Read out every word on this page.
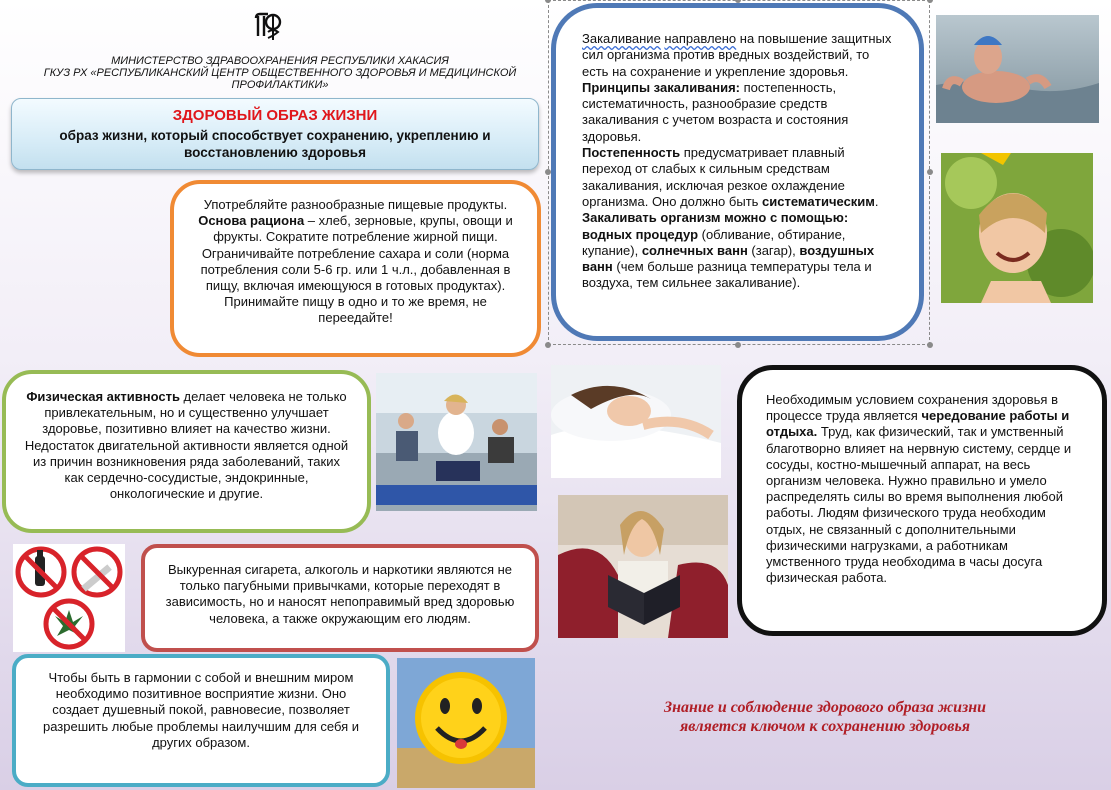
МИНИСТЕРСТВО ЗДРАВООХРАНЕНИЯ РЕСПУБЛИКИ ХАКАСИЯ
ГКУЗ РХ «РЕСПУБЛИКАНСКИЙ ЦЕНТР ОБЩЕСТВЕННОГО ЗДОРОВЬЯ И МЕДИЦИНСКОЙ ПРОФИЛАКТИКИ»
ЗДОРОВЫЙ ОБРАЗ ЖИЗНИ
образ жизни, который способствует сохранению, укреплению и восстановлению здоровья
Употребляйте разнообразные пищевые продукты. Основа рациона – хлеб, зерновые, крупы, овощи и фрукты. Сократите потребление жирной пищи. Ограничивайте потребление сахара и соли (норма потребления соли 5-6 гр. или 1 ч.л., добавленная в пищу, включая имеющуюся в готовых продуктах). Принимайте пищу в одно и то же время, не переедайте!
Закаливание направлено на повышение защитных сил организма против вредных воздействий, то есть на сохранение и укрепление здоровья.
Принципы закаливания: постепенность, систематичность, разнообразие средств закаливания с учетом возраста и состояния здоровья.
Постепенность предусматривает плавный переход от слабых к сильным средствам закаливания, исключая резкое охлаждение организма. Оно должно быть систематическим. Закаливать организм можно с помощью: водных процедур (обливание, обтирание, купание), солнечных ванн (загар), воздушных ванн (чем больше разница температуры тела и воздуха, тем сильнее закаливание).
Физическая активность делает человека не только привлекательным, но и существенно улучшает здоровье, позитивно влияет на качество жизни. Недостаток двигательной активности является одной из причин возникновения ряда заболеваний, таких как сердечно-сосудистые, эндокринные, онкологические и другие.
Необходимым условием сохранения здоровья в процессе труда является чередование работы и отдыха. Труд, как физический, так и умственный благотворно влияет на нервную систему, сердце и сосуды, костно-мышечный аппарат, на весь организм человека. Нужно правильно и умело распределять силы во время выполнения любой работы. Людям физического труда необходим отдых, не связанный с дополнительными физическими нагрузками, а работникам умственного труда необходима в часы досуга физическая работа.
Выкуренная сигарета, алкоголь и наркотики являются не только пагубными привычками, которые переходят в зависимость, но и наносят непоправимый вред здоровью человека, а также окружающим его людям.
Чтобы быть в гармонии с собой и внешним миром необходимо позитивное восприятие жизни. Оно создает душевный покой, равновесие, позволяет разрешить любые проблемы наилучшим для себя и других образом.
Знание и соблюдение здорового образа жизни
является ключом к сохранению здоровья
